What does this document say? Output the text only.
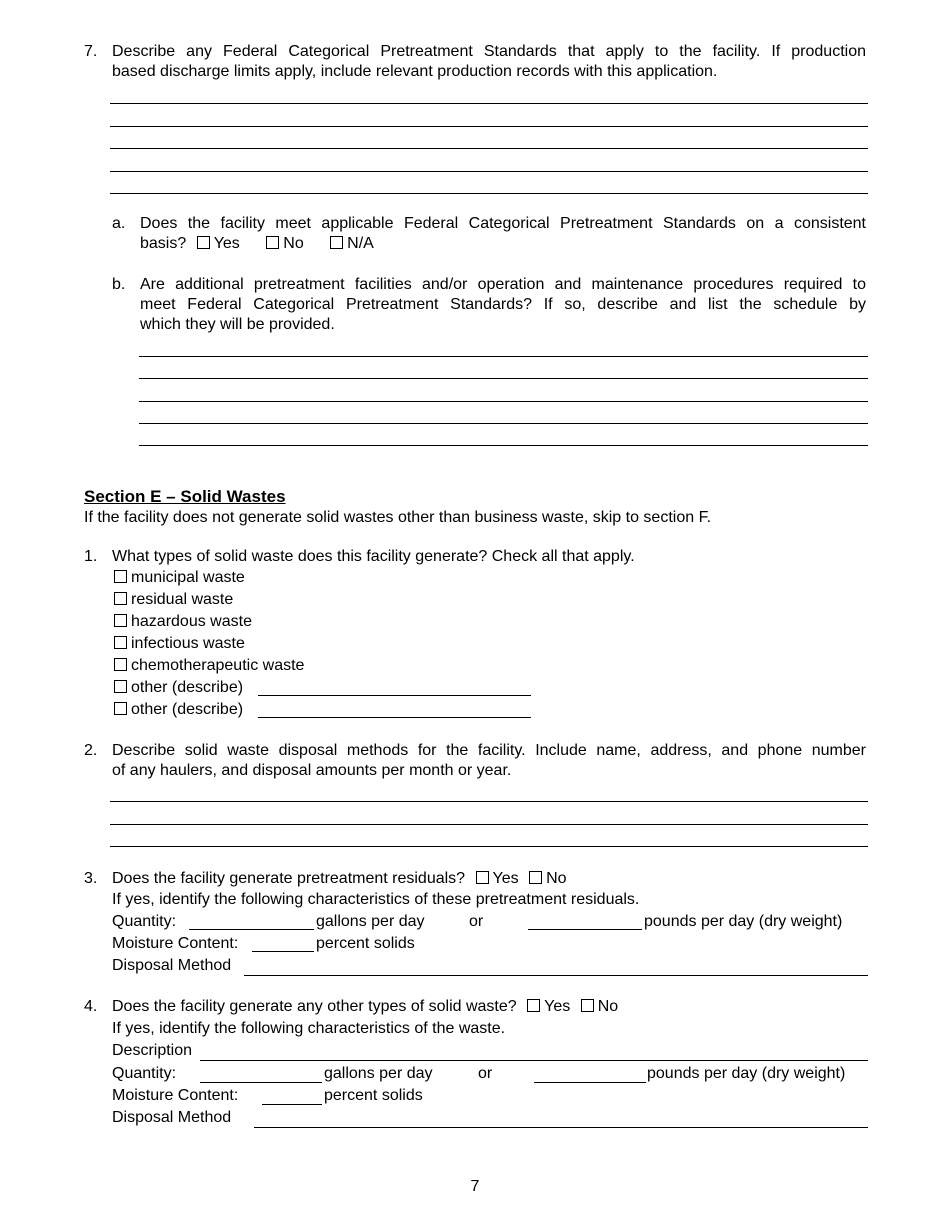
7. Describe any Federal Categorical Pretreatment Standards that apply to the facility. If production
based discharge limits apply, include relevant production records with this application.
a. Does the facility meet applicable Federal Categorical Pretreatment Standards on a consistent
basis? Yes	No	N/A
b. Are additional pretreatment facilities and/or operation and maintenance procedures required to
meet Federal Categorical Pretreatment Standards? If so, describe and list the schedule by
which they will be provided.
Section E – Solid Wastes
If the facility does not generate solid wastes other than business waste, skip to section F.
1. What types of solid waste does this facility generate? Check all that apply.
municipal waste
residual waste
hazardous waste
infectious waste
chemotherapeutic waste
other (describe)
other (describe)
2. Describe solid waste disposal methods for the facility. Include name, address, and phone number
of any haulers, and disposal amounts per month or year.
3. Does the facility generate pretreatment residuals? Yes No
If yes, identify the following characteristics of these pretreatment residuals.
Quantity:	gallons per day	or	pounds per day (dry weight)
Moisture Content:	percent solids
Disposal Method
4. Does the facility generate any other types of solid waste? Yes No
If yes, identify the following characteristics of the waste.
Description
Quantity:	gallons per day	or	pounds per day (dry weight)
Moisture Content:	percent solids
Disposal Method
7
